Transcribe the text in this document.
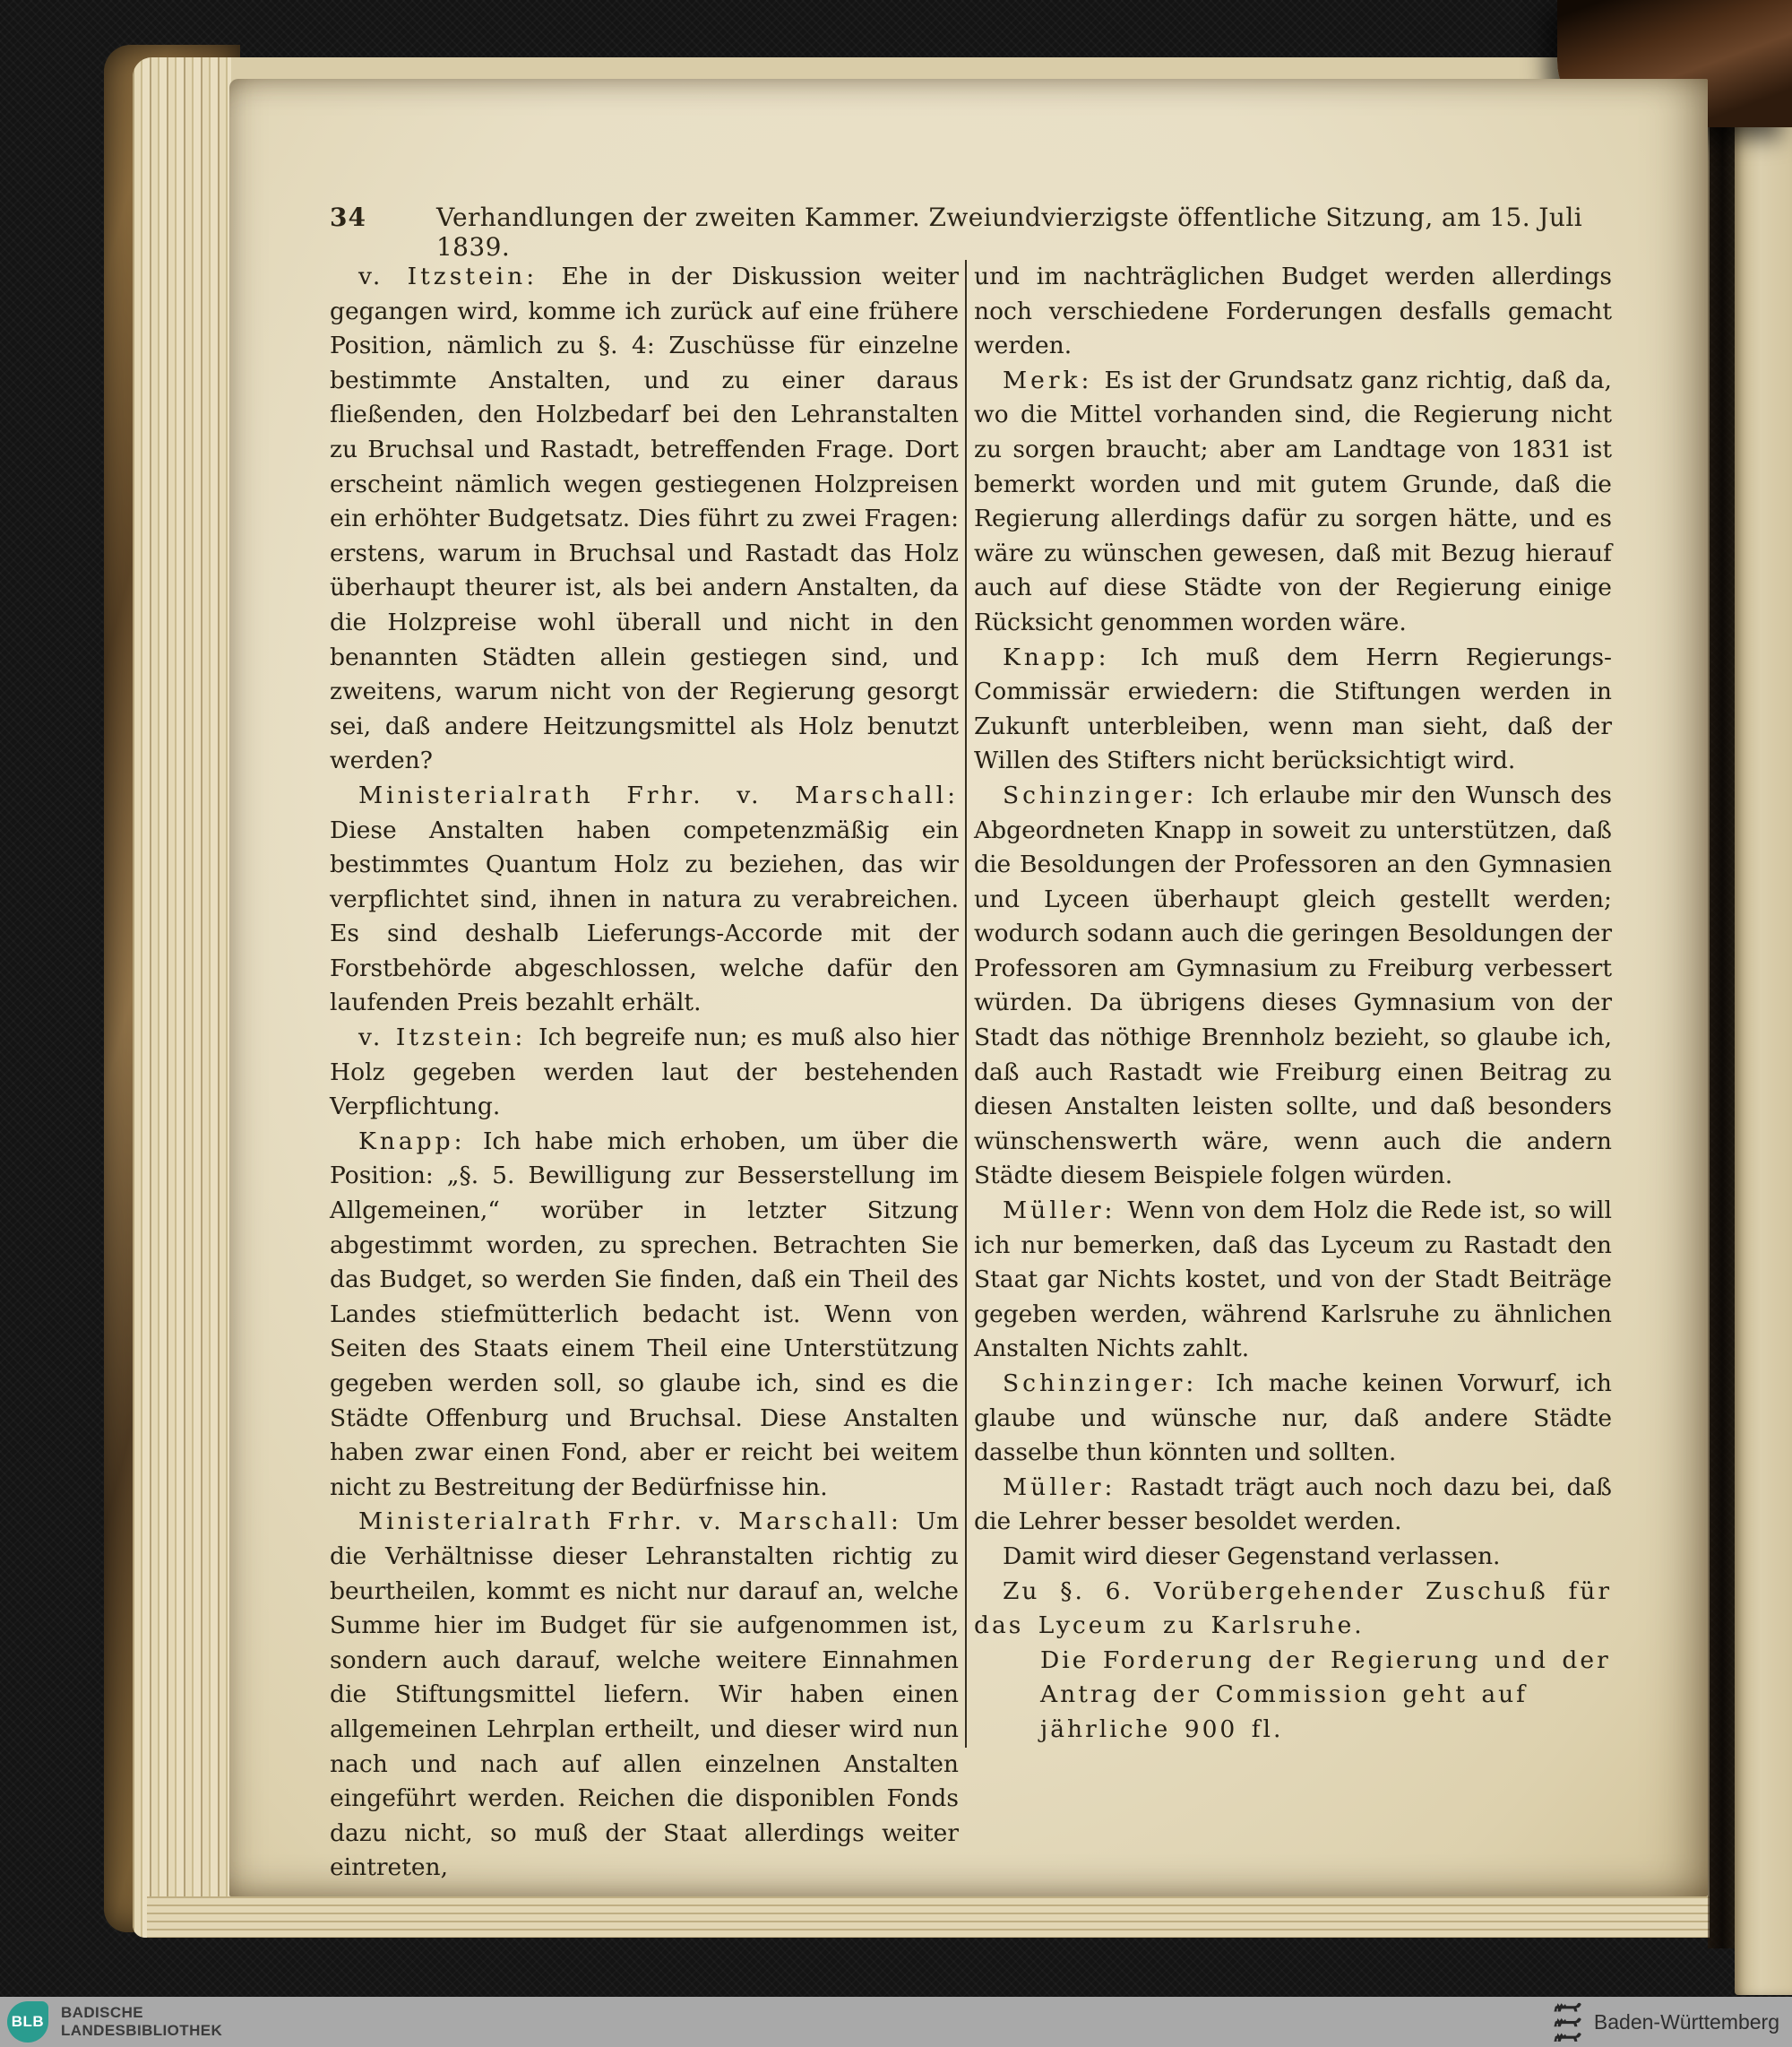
34	Verhandlungen der zweiten Kammer. Zweiundvierzigste öffentliche Sitzung, am 15. Juli 1839.

v. Itzstein: Ehe in der Diskussion weiter gegangen wird, komme ich zurück auf eine frühere Position, nämlich zu §. 4: Zuschüsse für einzelne bestimmte Anstalten, und zu einer daraus fließenden, den Holzbedarf bei den Lehranstalten zu Bruchsal und Rastadt, betreffenden Frage. Dort erscheint nämlich wegen gestiegenen Holzpreisen ein erhöhter Budgetsatz. Dies führt zu zwei Fragen: erstens, warum in Bruchsal und Rastadt das Holz überhaupt theurer ist, als bei andern Anstalten, da die Holzpreise wohl überall und nicht in den benannten Städten allein gestiegen sind, und zweitens, warum nicht von der Regierung gesorgt sei, daß andere Heitzungsmittel als Holz benutzt werden?

Ministerialrath Frhr. v. Marschall: Diese Anstalten haben competenzmäßig ein bestimmtes Quantum Holz zu beziehen, das wir verpflichtet sind, ihnen in natura zu verabreichen. Es sind deshalb Lieferungs-Accorde mit der Forstbehörde abgeschlossen, welche dafür den laufenden Preis bezahlt erhält.

v. Itzstein: Ich begreife nun; es muß also hier Holz gegeben werden laut der bestehenden Verpflichtung.

Knapp: Ich habe mich erhoben, um über die Position: „§. 5. Bewilligung zur Besserstellung im Allgemeinen,“ worüber in letzter Sitzung abgestimmt worden, zu sprechen. Betrachten Sie das Budget, so werden Sie finden, daß ein Theil des Landes stiefmütterlich bedacht ist. Wenn von Seiten des Staats einem Theil eine Unterstützung gegeben werden soll, so glaube ich, sind es die Städte Offenburg und Bruchsal. Diese Anstalten haben zwar einen Fond, aber er reicht bei weitem nicht zu Bestreitung der Bedürfnisse hin.

Ministerialrath Frhr. v. Marschall: Um die Verhältnisse dieser Lehranstalten richtig zu beurtheilen, kommt es nicht nur darauf an, welche Summe hier im Budget für sie aufgenommen ist, sondern auch darauf, welche weitere Einnahmen die Stiftungsmittel liefern. Wir haben einen allgemeinen Lehrplan ertheilt, und dieser wird nun nach und nach auf allen einzelnen Anstalten eingeführt werden. Reichen die disponiblen Fonds dazu nicht, so muß der Staat allerdings weiter eintreten,

und im nachträglichen Budget werden allerdings noch verschiedene Forderungen desfalls gemacht werden.

Merk: Es ist der Grundsatz ganz richtig, daß da, wo die Mittel vorhanden sind, die Regierung nicht zu sorgen braucht; aber am Landtage von 1831 ist bemerkt worden und mit gutem Grunde, daß die Regierung allerdings dafür zu sorgen hätte, und es wäre zu wünschen gewesen, daß mit Bezug hierauf auch auf diese Städte von der Regierung einige Rücksicht genommen worden wäre.

Knapp: Ich muß dem Herrn Regierungs-Commissär erwiedern: die Stiftungen werden in Zukunft unterbleiben, wenn man sieht, daß der Willen des Stifters nicht berücksichtigt wird.

Schinzinger: Ich erlaube mir den Wunsch des Abgeordneten Knapp in soweit zu unterstützen, daß die Besoldungen der Professoren an den Gymnasien und Lyceen überhaupt gleich gestellt werden; wodurch sodann auch die geringen Besoldungen der Professoren am Gymnasium zu Freiburg verbessert würden. Da übrigens dieses Gymnasium von der Stadt das nöthige Brennholz bezieht, so glaube ich, daß auch Rastadt wie Freiburg einen Beitrag zu diesen Anstalten leisten sollte, und daß besonders wünschenswerth wäre, wenn auch die andern Städte diesem Beispiele folgen würden.

Müller: Wenn von dem Holz die Rede ist, so will ich nur bemerken, daß das Lyceum zu Rastadt den Staat gar Nichts kostet, und von der Stadt Beiträge gegeben werden, während Karlsruhe zu ähnlichen Anstalten Nichts zahlt.

Schinzinger: Ich mache keinen Vorwurf, ich glaube und wünsche nur, daß andere Städte dasselbe thun könnten und sollten.

Müller: Rastadt trägt auch noch dazu bei, daß die Lehrer besser besoldet werden.

Damit wird dieser Gegenstand verlassen.

Zu §. 6. Vorübergehender Zuschuß für das Lyceum zu Karlsruhe.

Die Forderung der Regierung und der Antrag der Commission geht auf jährliche 900 fl.

BLB
BADISCHE
LANDESBIBLIOTHEK	Baden-Württemberg
